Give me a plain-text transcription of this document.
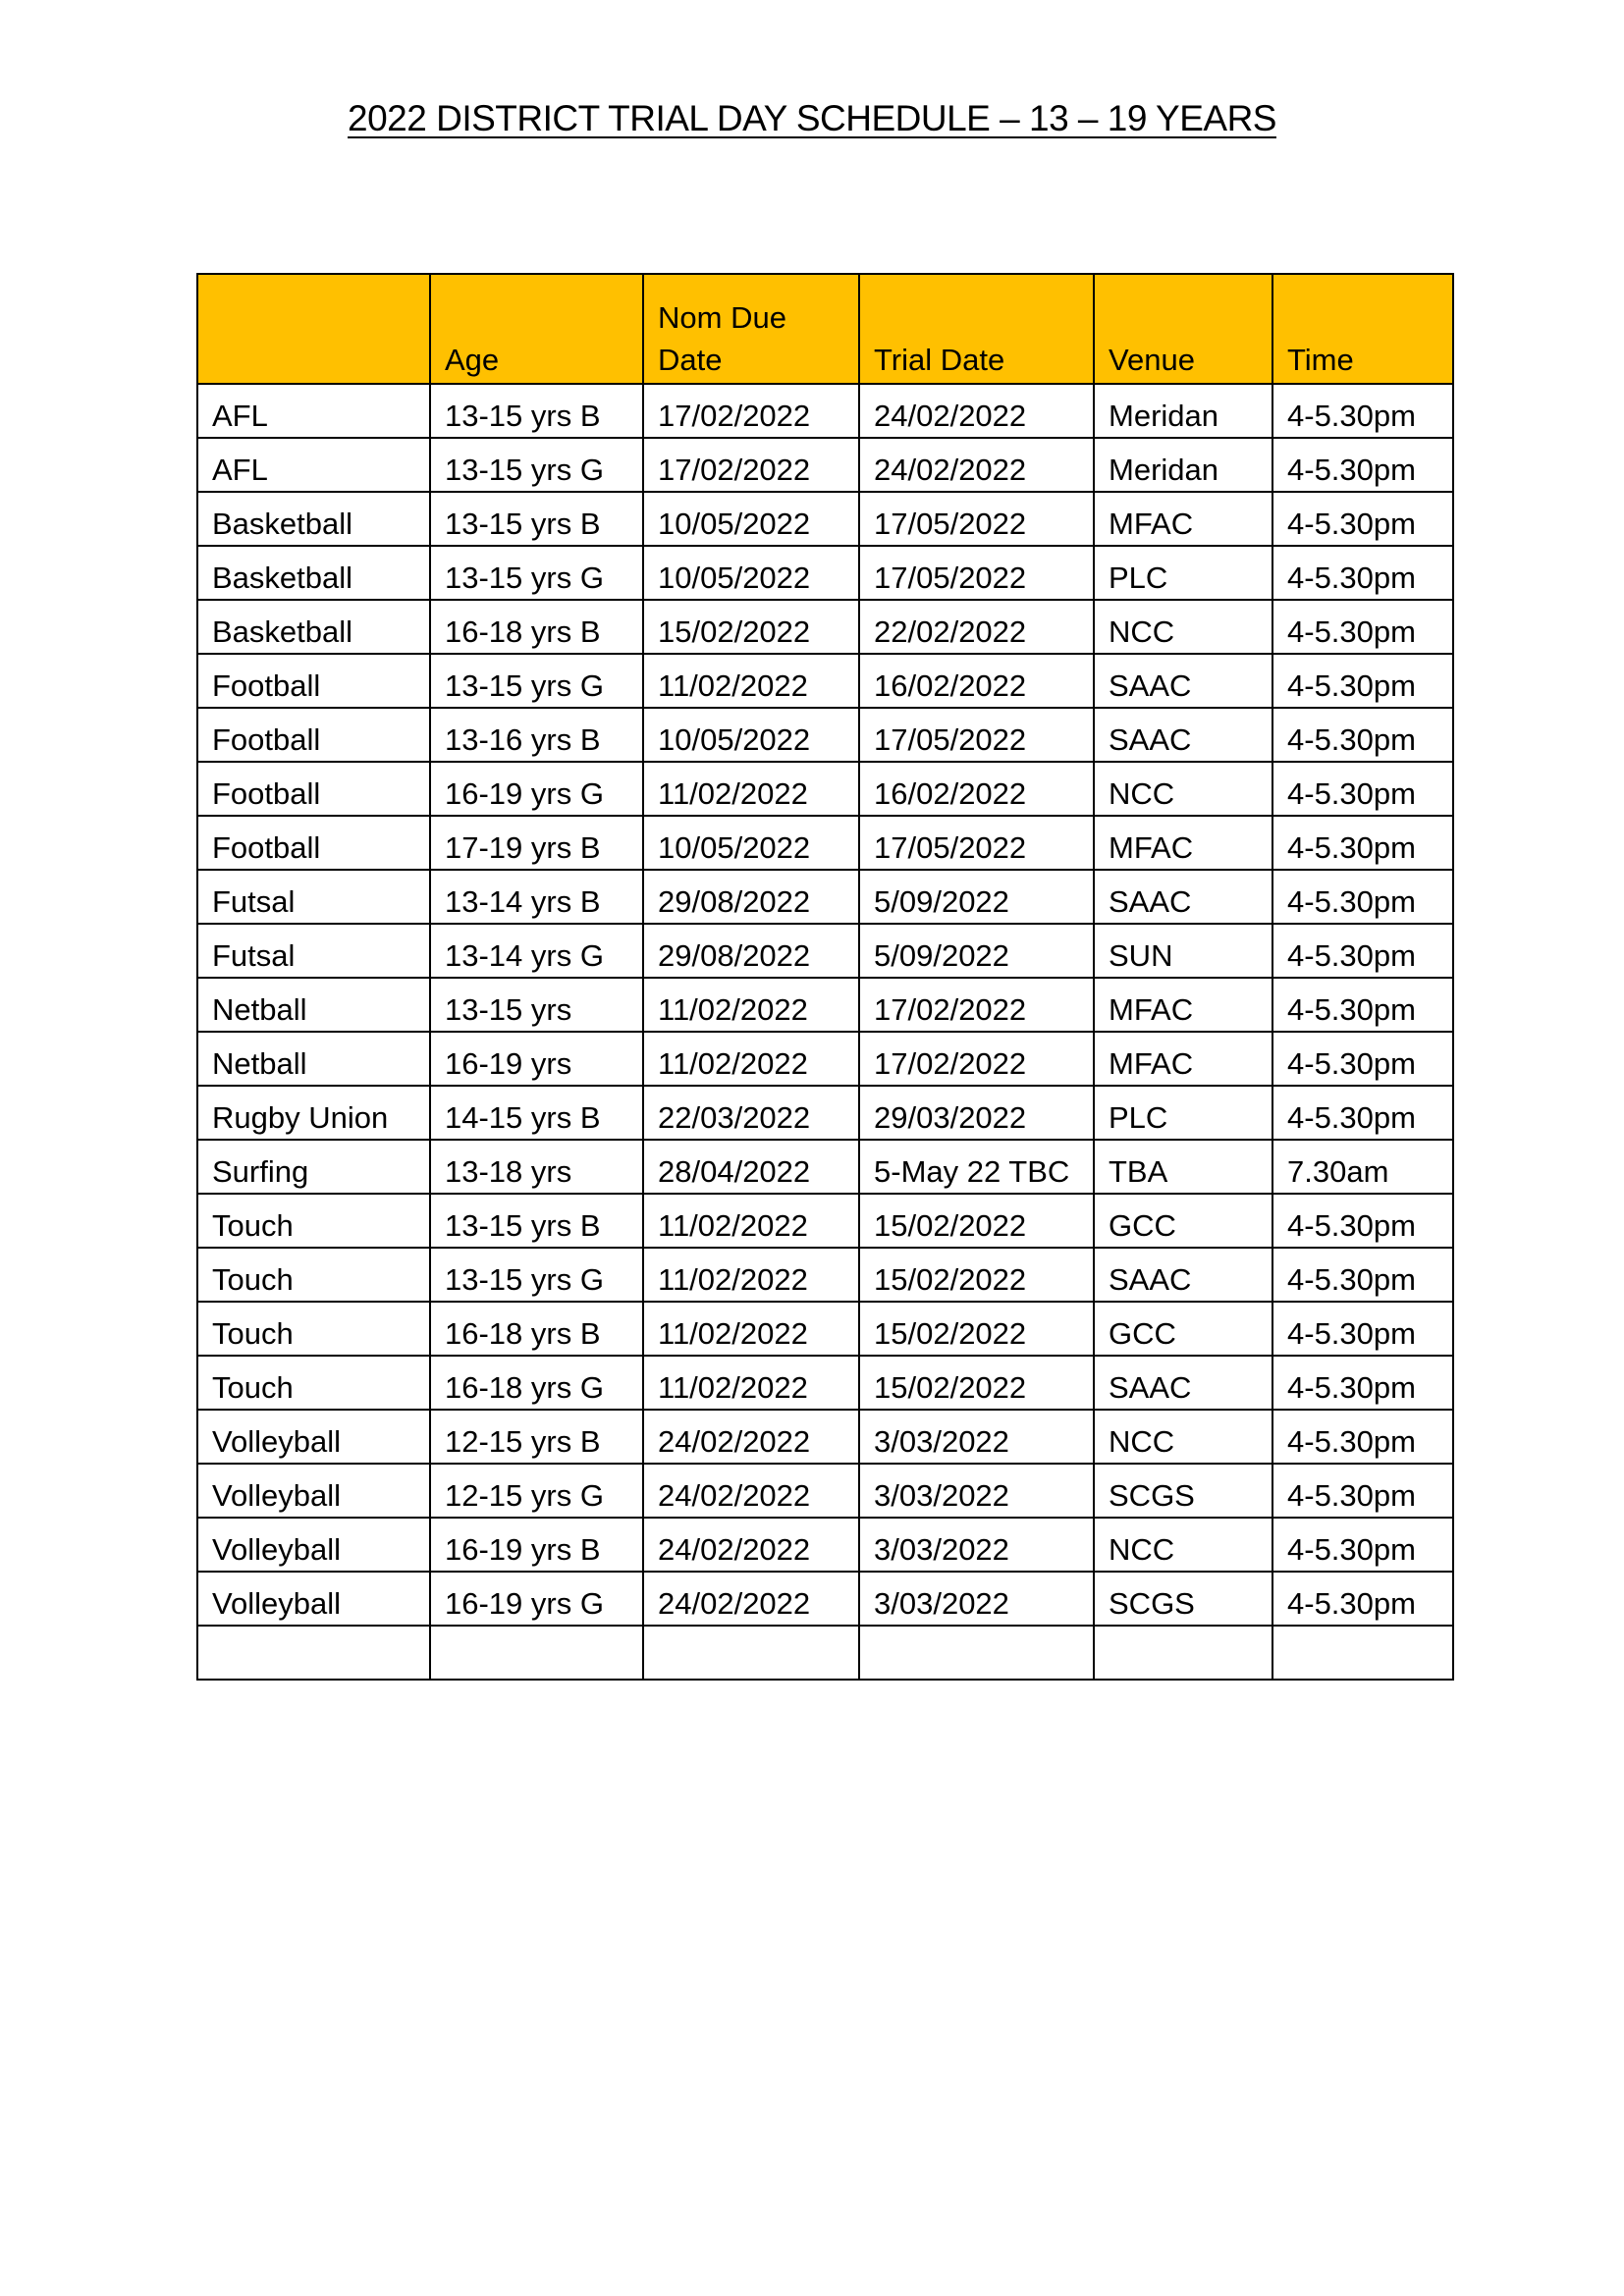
2022 DISTRICT TRIAL DAY SCHEDULE – 13 – 19 YEARS
	Age	Nom Due Date	Trial Date	Venue	Time
AFL	13-15 yrs B	17/02/2022	24/02/2022	Meridan	4-5.30pm
AFL	13-15 yrs G	17/02/2022	24/02/2022	Meridan	4-5.30pm
Basketball	13-15 yrs B	10/05/2022	17/05/2022	MFAC	4-5.30pm
Basketball	13-15 yrs G	10/05/2022	17/05/2022	PLC	4-5.30pm
Basketball	16-18 yrs B	15/02/2022	22/02/2022	NCC	4-5.30pm
Football	13-15 yrs G	11/02/2022	16/02/2022	SAAC	4-5.30pm
Football	13-16 yrs B	10/05/2022	17/05/2022	SAAC	4-5.30pm
Football	16-19 yrs G	11/02/2022	16/02/2022	NCC	4-5.30pm
Football	17-19 yrs B	10/05/2022	17/05/2022	MFAC	4-5.30pm
Futsal	13-14 yrs B	29/08/2022	5/09/2022	SAAC	4-5.30pm
Futsal	13-14 yrs G	29/08/2022	5/09/2022	SUN	4-5.30pm
Netball	13-15 yrs	11/02/2022	17/02/2022	MFAC	4-5.30pm
Netball	16-19 yrs	11/02/2022	17/02/2022	MFAC	4-5.30pm
Rugby Union	14-15 yrs B	22/03/2022	29/03/2022	PLC	4-5.30pm
Surfing	13-18 yrs	28/04/2022	5-May 22 TBC	TBA	7.30am
Touch	13-15 yrs B	11/02/2022	15/02/2022	GCC	4-5.30pm
Touch	13-15 yrs G	11/02/2022	15/02/2022	SAAC	4-5.30pm
Touch	16-18 yrs B	11/02/2022	15/02/2022	GCC	4-5.30pm
Touch	16-18 yrs G	11/02/2022	15/02/2022	SAAC	4-5.30pm
Volleyball	12-15 yrs B	24/02/2022	3/03/2022	NCC	4-5.30pm
Volleyball	12-15 yrs G	24/02/2022	3/03/2022	SCGS	4-5.30pm
Volleyball	16-19 yrs B	24/02/2022	3/03/2022	NCC	4-5.30pm
Volleyball	16-19 yrs G	24/02/2022	3/03/2022	SCGS	4-5.30pm
